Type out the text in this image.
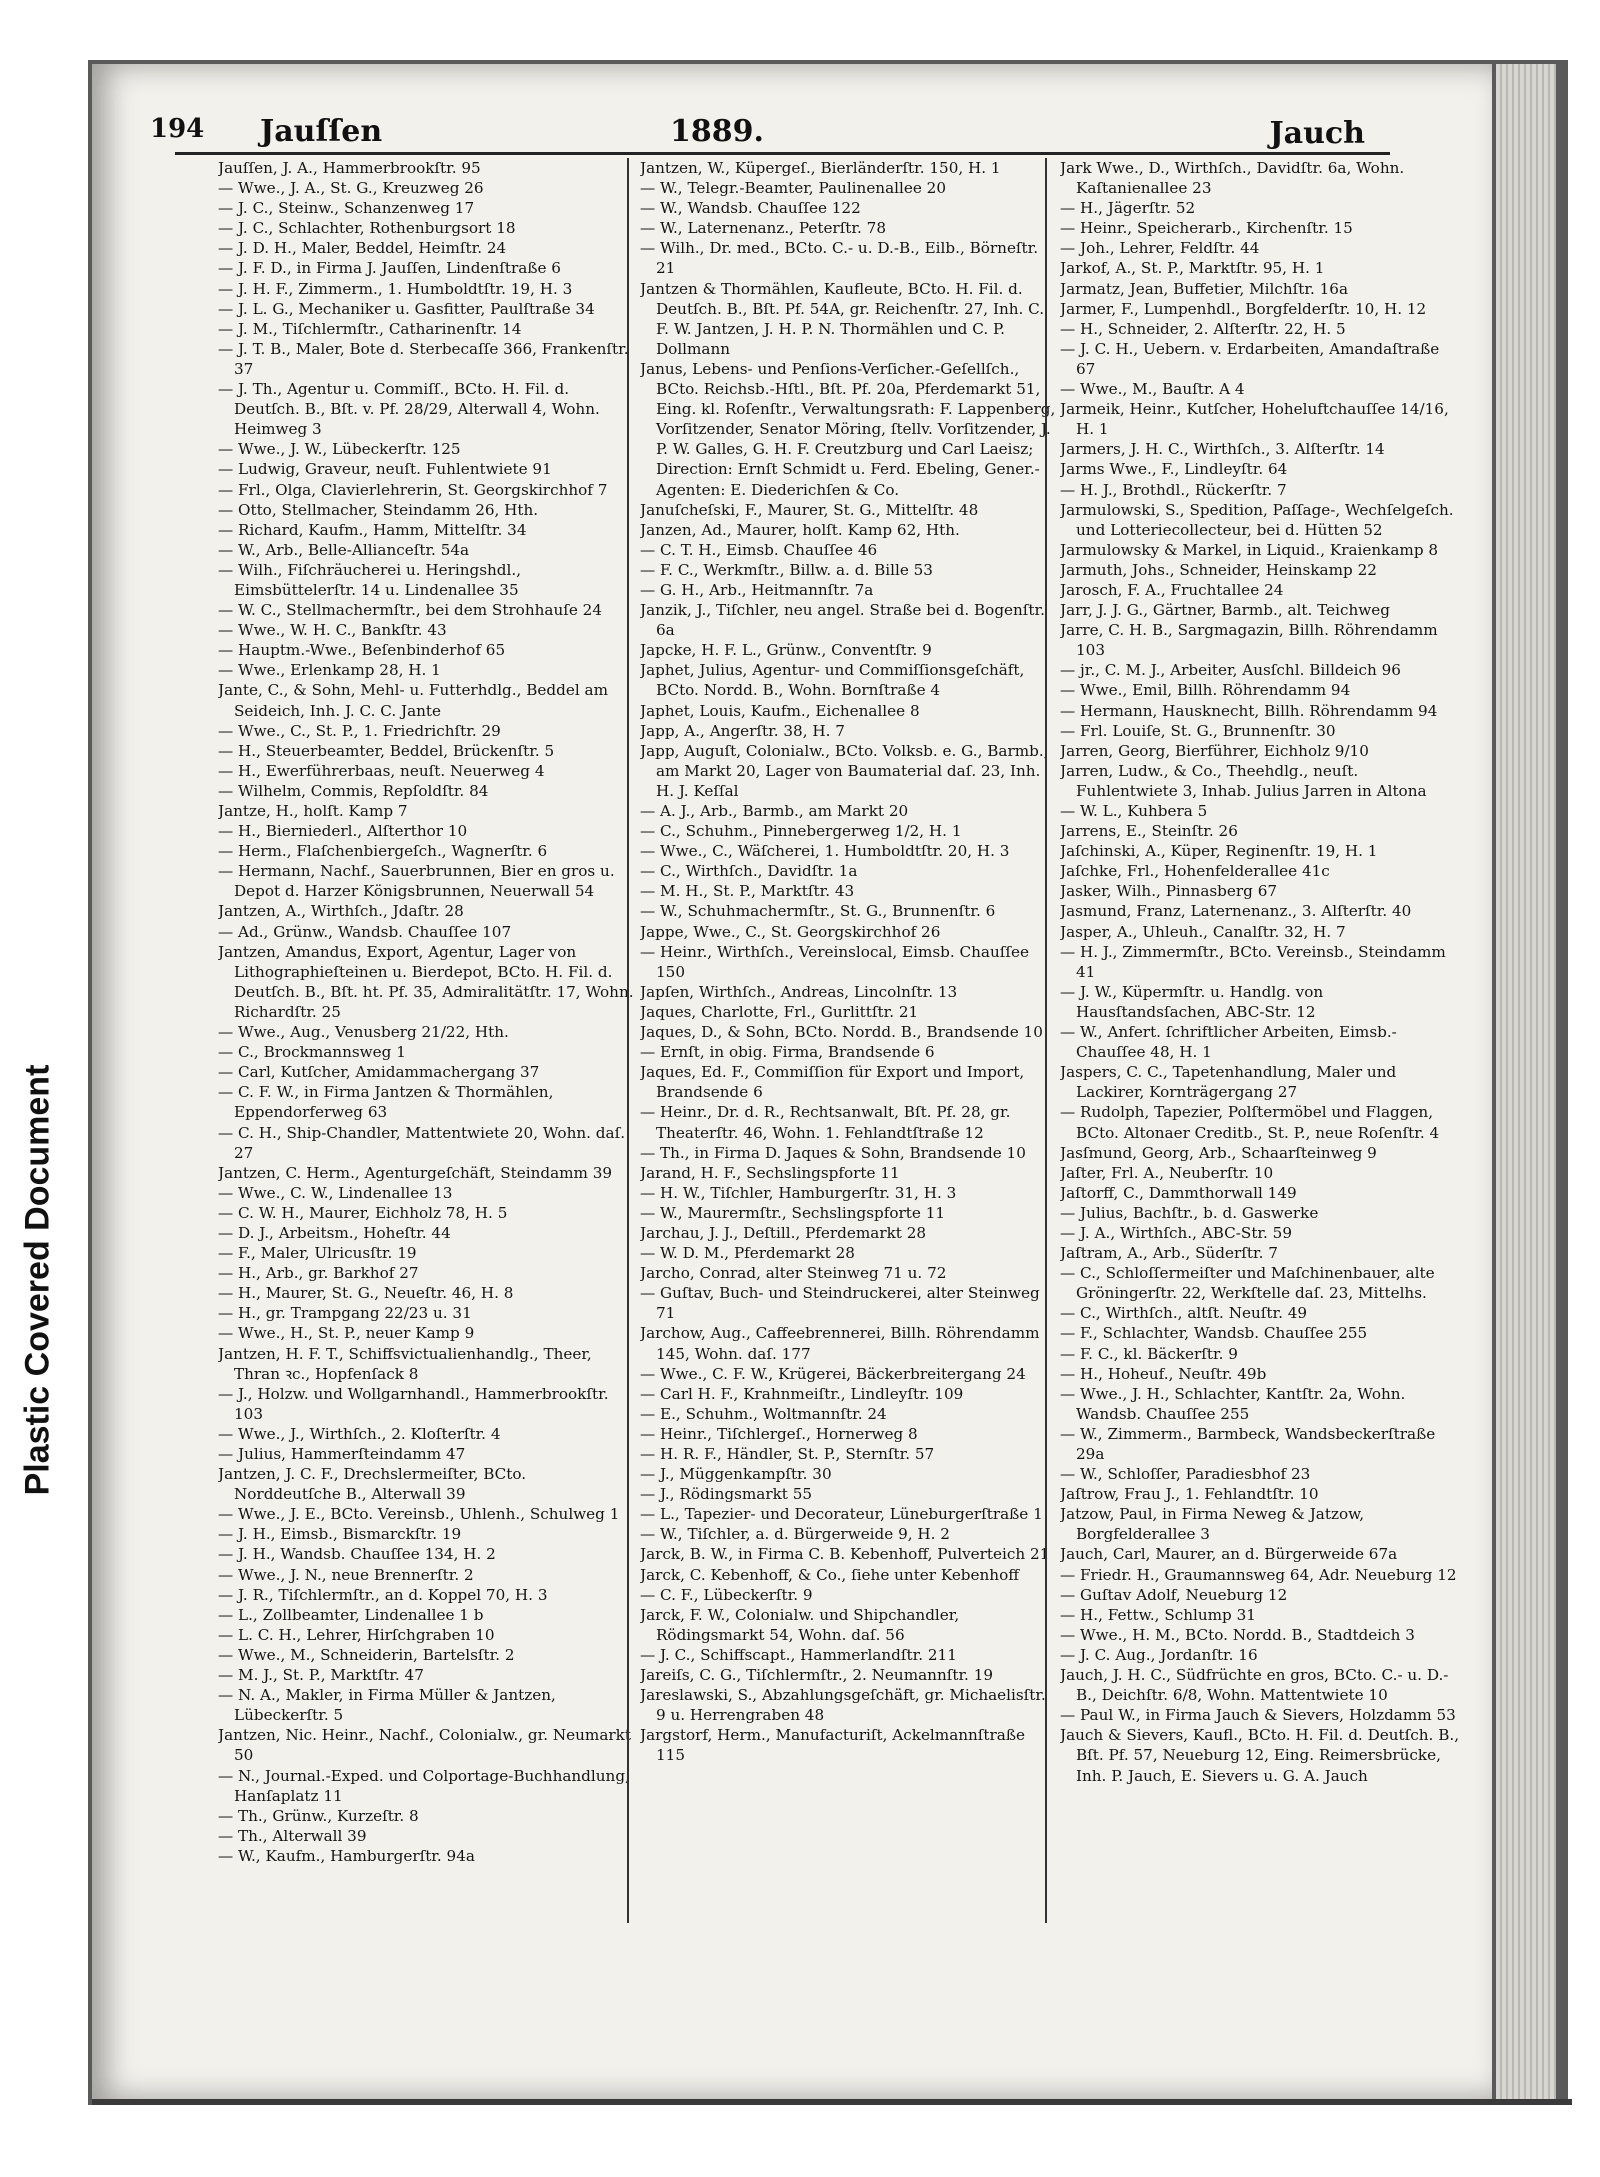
Plastic Covered Document
194 Jauſſen	1889.	Jauch

Jauſſen, J. A., Hammerbrookſtr. 95

— Wwe., J. A., St. G., Kreuzweg 26

— J. C., Steinw., Schanzenweg 17

— J. C., Schlachter, Rothenburgsort 18

— J. D. H., Maler, Beddel, Heimſtr. 24

— J. F. D., in Firma J. Jauſſen, Lindenſtraße 6

— J. H. F., Zimmerm., 1. Humboldtſtr. 19, H. 3

— J. L. G., Mechaniker u. Gasfitter, Paulſtraße 34

— J. M., Tiſchlermſtr., Catharinenſtr. 14

— J. T. B., Maler, Bote d. Sterbecaſſe 366, Frankenſtr. 37

— J. Th., Agentur u. Commiſſ., BCto. H. Fil. d. Deutſch. B., Bſt. v. Pf. 28/29, Alterwall 4, Wohn. Heimweg 3

— Wwe., J. W., Lübeckerſtr. 125

— Ludwig, Graveur, neuſt. Fuhlentwiete 91

— Frl., Olga, Clavierlehrerin, St. Georgskirchhof 7

— Otto, Stellmacher, Steindamm 26, Hth.

— Richard, Kaufm., Hamm, Mittelſtr. 34

— W., Arb., Belle-Allianceſtr. 54a

— Wilh., Fiſchräucherei u. Heringshdl., Eimsbüttelerſtr. 14 u. Lindenallee 35

— W. C., Stellmachermſtr., bei dem Strohhauſe 24

— Wwe., W. H. C., Bankſtr. 43

— Hauptm.-Wwe., Beſenbinderhof 65

— Wwe., Erlenkamp 28, H. 1

Jante, C., & Sohn, Mehl- u. Futterhdlg., Beddel am Seideich, Inh. J. C. C. Jante

— Wwe., C., St. P., 1. Friedrichſtr. 29

— H., Steuerbeamter, Beddel, Brückenſtr. 5

— H., Ewerführerbaas, neuſt. Neuerweg 4

— Wilhelm, Commis, Repſoldſtr. 84

Jantze, H., holſt. Kamp 7

— H., Bierniederl., Alſterthor 10

— Herm., Flaſchenbiergeſch., Wagnerſtr. 6

— Hermann, Nachf., Sauerbrunnen, Bier en gros u. Depot d. Harzer Königsbrunnen, Neuerwall 54

Jantzen, A., Wirthſch., Jdaſtr. 28

— Ad., Grünw., Wandsb. Chauſſee 107

Jantzen, Amandus, Export, Agentur, Lager von Lithographieſteinen u. Bierdepot, BCto. H. Fil. d. Deutſch. B., Bſt. ht. Pf. 35, Admiralitätſtr. 17, Wohn. Richardſtr. 25

— Wwe., Aug., Venusberg 21/22, Hth.

— C., Brockmannsweg 1

— Carl, Kutſcher, Amidammachergang 37

— C. F. W., in Firma Jantzen & Thormählen, Eppendorferweg 63

— C. H., Ship-Chandler, Mattentwiete 20, Wohn. daſ. 27

Jantzen, C. Herm., Agenturgeſchäft, Steindamm 39

— Wwe., C. W., Lindenallee 13

— C. W. H., Maurer, Eichholz 78, H. 5

— D. J., Arbeitsm., Hoheſtr. 44

— F., Maler, Ulricusſtr. 19

— H., Arb., gr. Barkhof 27

— H., Maurer, St. G., Neueſtr. 46, H. 8

— H., gr. Trampgang 22/23 u. 31

— Wwe., H., St. P., neuer Kamp 9

Jantzen, H. F. T., Schiffsvictualienhandlg., Theer, Thran ꝛc., Hopfenſack 8

— J., Holzw. und Wollgarnhandl., Hammerbrookſtr. 103

— Wwe., J., Wirthſch., 2. Kloſterſtr. 4

— Julius, Hammerſteindamm 47

Jantzen, J. C. F., Drechslermeiſter, BCto. Norddeutſche B., Alterwall 39

— Wwe., J. E., BCto. Vereinsb., Uhlenh., Schulweg 1

— J. H., Eimsb., Bismarckſtr. 19

— J. H., Wandsb. Chauſſee 134, H. 2

— Wwe., J. N., neue Brennerſtr. 2

— J. R., Tiſchlermſtr., an d. Koppel 70, H. 3

— L., Zollbeamter, Lindenallee 1 b

— L. C. H., Lehrer, Hirſchgraben 10

— Wwe., M., Schneiderin, Bartelsſtr. 2

— M. J., St. P., Marktſtr. 47

— N. A., Makler, in Firma Müller & Jantzen, Lübeckerſtr. 5

Jantzen, Nic. Heinr., Nachf., Colonialw., gr. Neumarkt 50

— N., Journal.-Exped. und Colportage-Buchhandlung, Hanſaplatz 11

— Th., Grünw., Kurzeſtr. 8

— Th., Alterwall 39

— W., Kaufm., Hamburgerſtr. 94a

Jantzen, W., Küpergeſ., Bierländerſtr. 150, H. 1

— W., Telegr.-Beamter, Paulinenallee 20

— W., Wandsb. Chauſſee 122

— W., Laternenanz., Peterſtr. 78

— Wilh., Dr. med., BCto. C.- u. D.-B., Eilb., Börneſtr. 21

Jantzen & Thormählen, Kaufleute, BCto. H. Fil. d. Deutſch. B., Bſt. Pf. 54A, gr. Reichenſtr. 27, Inh. C. F. W. Jantzen, J. H. P. N. Thormählen und C. P. Dollmann

Janus, Lebens- und Penſions-Verſicher.-Geſellſch., BCto. Reichsb.-Hſtl., Bſt. Pf. 20a, Pferdemarkt 51, Eing. kl. Roſenſtr., Verwaltungsrath: F. Lappenberg, Vorſitzender, Senator Möring, ſtellv. Vorſitzender, J. P. W. Galles, G. H. F. Creutzburg und Carl Laeisz; Direction: Ernſt Schmidt u. Ferd. Ebeling, Gener.-Agenten: E. Diederichſen & Co.

Januſcheſski, F., Maurer, St. G., Mittelſtr. 48

Janzen, Ad., Maurer, holſt. Kamp 62, Hth.

— C. T. H., Eimsb. Chauſſee 46

— F. C., Werkmſtr., Billw. a. d. Bille 53

— G. H., Arb., Heitmannſtr. 7a

Janzik, J., Tiſchler, neu angel. Straße bei d. Bogenſtr. 6a

Japcke, H. F. L., Grünw., Conventſtr. 9

Japhet, Julius, Agentur- und Commiſſionsgeſchäft, BCto. Nordd. B., Wohn. Bornſtraße 4

Japhet, Louis, Kaufm., Eichenallee 8

Japp, A., Angerſtr. 38, H. 7

Japp, Auguſt, Colonialw., BCto. Volksb. e. G., Barmb., am Markt 20, Lager von Baumaterial daſ. 23, Inh. H. J. Keſſal

— A. J., Arb., Barmb., am Markt 20

— C., Schuhm., Pinnebergerweg 1/2, H. 1

— Wwe., C., Wäſcherei, 1. Humboldtſtr. 20, H. 3

— C., Wirthſch., Davidſtr. 1a

— M. H., St. P., Marktſtr. 43

— W., Schuhmachermſtr., St. G., Brunnenſtr. 6

Jappe, Wwe., C., St. Georgskirchhof 26

— Heinr., Wirthſch., Vereinslocal, Eimsb. Chauſſee 150

Japſen, Wirthſch., Andreas, Lincolnſtr. 13

Jaques, Charlotte, Frl., Gurlittſtr. 21

Jaques, D., & Sohn, BCto. Nordd. B., Brandsende 10

— Ernſt, in obig. Firma, Brandsende 6

Jaques, Ed. F., Commiſſion für Export und Import, Brandsende 6

— Heinr., Dr. d. R., Rechtsanwalt, Bſt. Pf. 28, gr. Theaterſtr. 46, Wohn. 1. Fehlandtſtraße 12

— Th., in Firma D. Jaques & Sohn, Brandsende 10

Jarand, H. F., Sechslingspforte 11

— H. W., Tiſchler, Hamburgerſtr. 31, H. 3

— W., Maurermſtr., Sechslingspforte 11

Jarchau, J. J., Deſtill., Pferdemarkt 28

— W. D. M., Pferdemarkt 28

Jarcho, Conrad, alter Steinweg 71 u. 72

— Guſtav, Buch- und Steindruckerei, alter Steinweg 71

Jarchow, Aug., Caffeebrennerei, Billh. Röhrendamm 145, Wohn. daſ. 177

— Wwe., C. F. W., Krügerei, Bäckerbreitergang 24

— Carl H. F., Krahnmeiſtr., Lindleyſtr. 109

— E., Schuhm., Woltmannſtr. 24

— Heinr., Tiſchlergeſ., Hornerweg 8

— H. R. F., Händler, St. P., Sternſtr. 57

— J., Müggenkampſtr. 30

— J., Rödingsmarkt 55

— L., Tapezier- und Decorateur, Lüneburgerſtraße 1

— W., Tiſchler, a. d. Bürgerweide 9, H. 2

Jarck, B. W., in Firma C. B. Kebenhoff, Pulverteich 21

Jarck, C. Kebenhoff, & Co., ſiehe unter Kebenhoff

— C. F., Lübeckerſtr. 9

Jarck, F. W., Colonialw. und Shipchandler, Rödingsmarkt 54, Wohn. daſ. 56

— J. C., Schiffscapt., Hammerlandſtr. 211

Jareiſs, C. G., Tiſchlermſtr., 2. Neumannſtr. 19

Jareslawski, S., Abzahlungsgeſchäft, gr. Michaelisſtr. 9 u. Herrengraben 48

Jargstorf, Herm., Manufacturiſt, Ackelmannſtraße 115

Jark Wwe., D., Wirthſch., Davidſtr. 6a, Wohn. Kaſtanienallee 23

— H., Jägerſtr. 52

— Heinr., Speicherarb., Kirchenſtr. 15

— Joh., Lehrer, Feldſtr. 44

Jarkof, A., St. P., Marktſtr. 95, H. 1

Jarmatz, Jean, Buffetier, Milchſtr. 16a

Jarmer, F., Lumpenhdl., Borgfelderſtr. 10, H. 12

— H., Schneider, 2. Alſterſtr. 22, H. 5

— J. C. H., Uebern. v. Erdarbeiten, Amandaſtraße 67

— Wwe., M., Bauſtr. A 4

Jarmeik, Heinr., Kutſcher, Hoheluftchauſſee 14/16, H. 1

Jarmers, J. H. C., Wirthſch., 3. Alſterſtr. 14

Jarms Wwe., F., Lindleyſtr. 64

— H. J., Brothdl., Rückerſtr. 7

Jarmulowski, S., Spedition, Paſſage-, Wechſelgeſch. und Lotteriecollecteur, bei d. Hütten 52

Jarmulowsky & Markel, in Liquid., Kraienkamp 8

Jarmuth, Johs., Schneider, Heinskamp 22

Jarosch, F. A., Fruchtallee 24

Jarr, J. J. G., Gärtner, Barmb., alt. Teichweg

Jarre, C. H. B., Sargmagazin, Billh. Röhrendamm 103

— jr., C. M. J., Arbeiter, Ausſchl. Billdeich 96

— Wwe., Emil, Billh. Röhrendamm 94

— Hermann, Hausknecht, Billh. Röhrendamm 94

— Frl. Louiſe, St. G., Brunnenſtr. 30

Jarren, Georg, Bierführer, Eichholz 9/10

Jarren, Ludw., & Co., Theehdlg., neuſt. Fuhlentwiete 3, Inhab. Julius Jarren in Altona

— W. L., Kuhbera 5

Jarrens, E., Steinſtr. 26

Jaſchinski, A., Küper, Reginenſtr. 19, H. 1

Jaſchke, Frl., Hohenfelderallee 41c

Jasker, Wilh., Pinnasberg 67

Jasmund, Franz, Laternenanz., 3. Alſterſtr. 40

Jasper, A., Uhleuh., Canalſtr. 32, H. 7

— H. J., Zimmermſtr., BCto. Vereinsb., Steindamm 41

— J. W., Küpermſtr. u. Handlg. von Hausſtandsſachen, ABC-Str. 12

— W., Anfert. ſchriftlicher Arbeiten, Eimsb.-Chauſſee 48, H. 1

Jaspers, C. C., Tapetenhandlung, Maler und Lackirer, Kornträgergang 27

— Rudolph, Tapezier, Polſtermöbel und Flaggen, BCto. Altonaer Creditb., St. P., neue Roſenſtr. 4

Jasſmund, Georg, Arb., Schaarſteinweg 9

Jaſter, Frl. A., Neuberſtr. 10

Jaſtorff, C., Dammthorwall 149

— Julius, Bachſtr., b. d. Gaswerke

— J. A., Wirthſch., ABC-Str. 59

Jaſtram, A., Arb., Süderſtr. 7

— C., Schloſſermeiſter und Maſchinenbauer, alte Gröningerſtr. 22, Werkſtelle daſ. 23, Mittelhs.

— C., Wirthſch., altſt. Neuſtr. 49

— F., Schlachter, Wandsb. Chauſſee 255

— F. C., kl. Bäckerſtr. 9

— H., Hoheuf., Neuſtr. 49b

— Wwe., J. H., Schlachter, Kantſtr. 2a, Wohn. Wandsb. Chauſſee 255

— W., Zimmerm., Barmbeck, Wandsbeckerſtraße 29a

— W., Schloſſer, Paradiesbhof 23

Jaſtrow, Frau J., 1. Fehlandtſtr. 10

Jatzow, Paul, in Firma Neweg & Jatzow, Borgfelderallee 3

Jauch, Carl, Maurer, an d. Bürgerweide 67a

— Friedr. H., Graumannsweg 64, Adr. Neueburg 12

— Guſtav Adolf, Neueburg 12

— H., Fettw., Schlump 31

— Wwe., H. M., BCto. Nordd. B., Stadtdeich 3

— J. C. Aug., Jordanſtr. 16

Jauch, J. H. C., Südfrüchte en gros, BCto. C.- u. D.-B., Deichſtr. 6/8, Wohn. Mattentwiete 10

— Paul W., in Firma Jauch & Sievers, Holzdamm 53

Jauch & Sievers, Kaufl., BCto. H. Fil. d. Deutſch. B., Bſt. Pf. 57, Neueburg 12, Eing. Reimersbrücke, Inh. P. Jauch, E. Sievers u. G. A. Jauch
